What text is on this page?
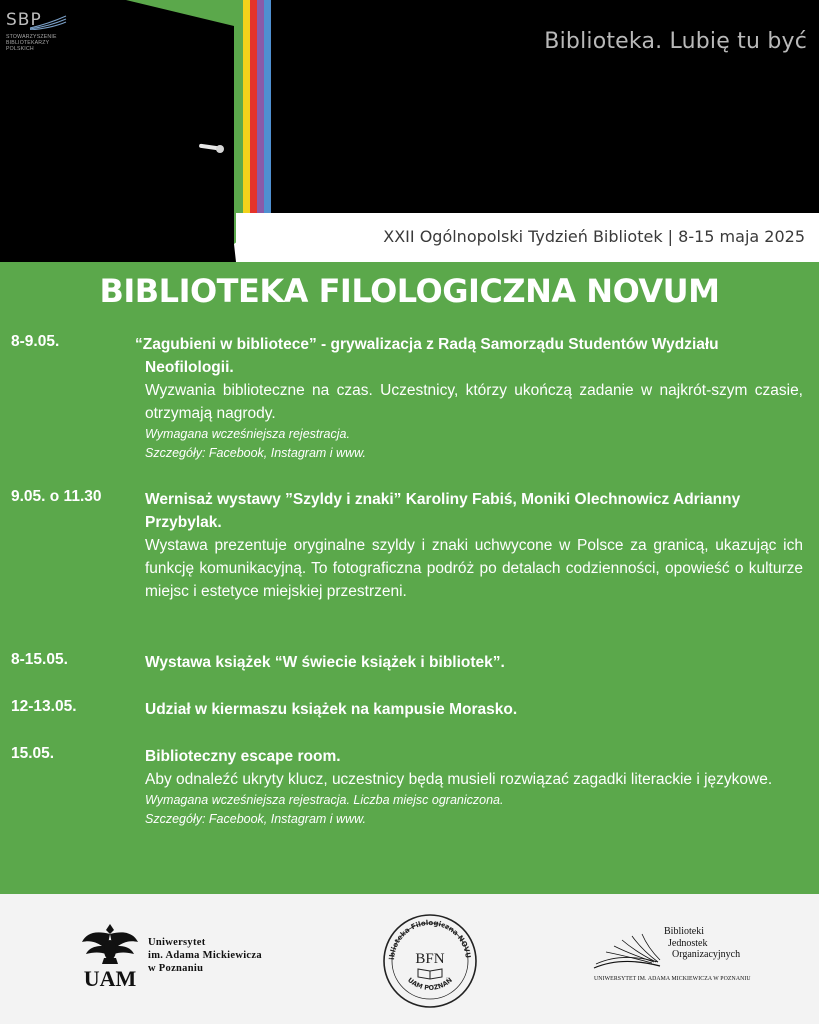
SBP
STOWARZYSZENIE
BIBLIOTEKARZY
POLSKICH	Biblioteka. Lubię tu być
XXII Ogólnopolski Tydzień Bibliotek | 8-15 maja 2025
BIBLIOTEKA FILOLOGICZNA NOVUM
8-9.05.	“Zagubieni w bibliotece” - grywalizacja z Radą Samorządu Studentów Wydziału Neofilologii.
Wyzwania biblioteczne na czas. Uczestnicy, którzy ukończą zadanie w najkrót-szym czasie, otrzymają nagrody.
Wymagana wcześniejsza rejestracja.
Szczegóły: Facebook, Instagram i www.
9.05. o 11.30	Wernisaż wystawy ”Szyldy i znaki” Karoliny Fabiś, Moniki Olechnowicz Adrianny Przybylak.
Wystawa prezentuje oryginalne szyldy i znaki uchwycone w Polsce za granicą, ukazując ich funkcję komunikacyjną. To fotograficzna podróż po detalach codzienności, opowieść o kulturze miejsc i estetyce miejskiej przestrzeni.
8-15.05.	Wystawa książek “W świecie książek i bibliotek”.
12-13.05.	Udział w kiermaszu książek na kampusie Morasko.
15.05.	Biblioteczny escape room.
Aby odnaleźć ukryty klucz, uczestnicy będą musieli rozwiązać zagadki literackie i językowe.
Wymagana wcześniejsza rejestracja. Liczba miejsc ograniczona.
Szczegóły: Facebook, Instagram i www.
UAM
Uniwersytet
im. Adama Mickiewicza
w Poznaniu
iblioteka Filologiczna NOVU
BFN
UAM POZNAŃ
Biblioteki
Jednostek
Organizacyjnych
UNIWERSYTET IM. ADAMA MICKIEWICZA W POZNANIU
